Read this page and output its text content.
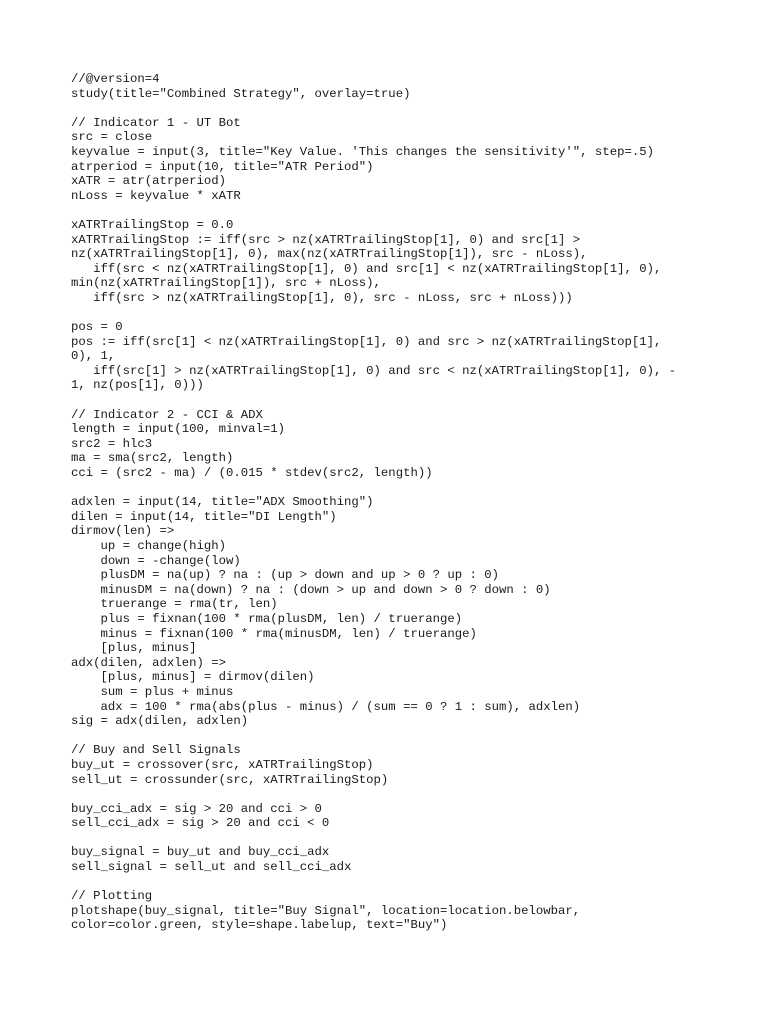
//@version=4
study(title="Combined Strategy", overlay=true)
// Indicator 1 - UT Bot
src = close
keyvalue = input(3, title="Key Value. 'This changes the sensitivity'", step=.5)
atrperiod = input(10, title="ATR Period")
xATR = atr(atrperiod)
nLoss = keyvalue * xATR
xATRTrailingStop = 0.0
xATRTrailingStop := iff(src > nz(xATRTrailingStop[1], 0) and src[1] >
nz(xATRTrailingStop[1], 0), max(nz(xATRTrailingStop[1]), src - nLoss),
iff(src < nz(xATRTrailingStop[1], 0) and src[1] < nz(xATRTrailingStop[1], 0),
min(nz(xATRTrailingStop[1]), src + nLoss),
iff(src > nz(xATRTrailingStop[1], 0), src - nLoss, src + nLoss)))
pos = 0
pos := iff(src[1] < nz(xATRTrailingStop[1], 0) and src > nz(xATRTrailingStop[1],
0), 1,
iff(src[1] > nz(xATRTrailingStop[1], 0) and src < nz(xATRTrailingStop[1], 0), -
1, nz(pos[1], 0)))
// Indicator 2 - CCI & ADX
length = input(100, minval=1)
src2 = hlc3
ma = sma(src2, length)
cci = (src2 - ma) / (0.015 * stdev(src2, length))
adxlen = input(14, title="ADX Smoothing")
dilen = input(14, title="DI Length")
dirmov(len) =>
up = change(high)
down = -change(low)
plusDM = na(up) ? na : (up > down and up > 0 ? up : 0)
minusDM = na(down) ? na : (down > up and down > 0 ? down : 0)
truerange = rma(tr, len)
plus = fixnan(100 * rma(plusDM, len) / truerange)
minus = fixnan(100 * rma(minusDM, len) / truerange)
[plus, minus]
adx(dilen, adxlen) =>
[plus, minus] = dirmov(dilen)
sum = plus + minus
adx = 100 * rma(abs(plus - minus) / (sum == 0 ? 1 : sum), adxlen)
sig = adx(dilen, adxlen)
// Buy and Sell Signals
buy_ut = crossover(src, xATRTrailingStop)
sell_ut = crossunder(src, xATRTrailingStop)
buy_cci_adx = sig > 20 and cci > 0
sell_cci_adx = sig > 20 and cci < 0
buy_signal = buy_ut and buy_cci_adx
sell_signal = sell_ut and sell_cci_adx
// Plotting
plotshape(buy_signal, title="Buy Signal", location=location.belowbar,
color=color.green, style=shape.labelup, text="Buy")
